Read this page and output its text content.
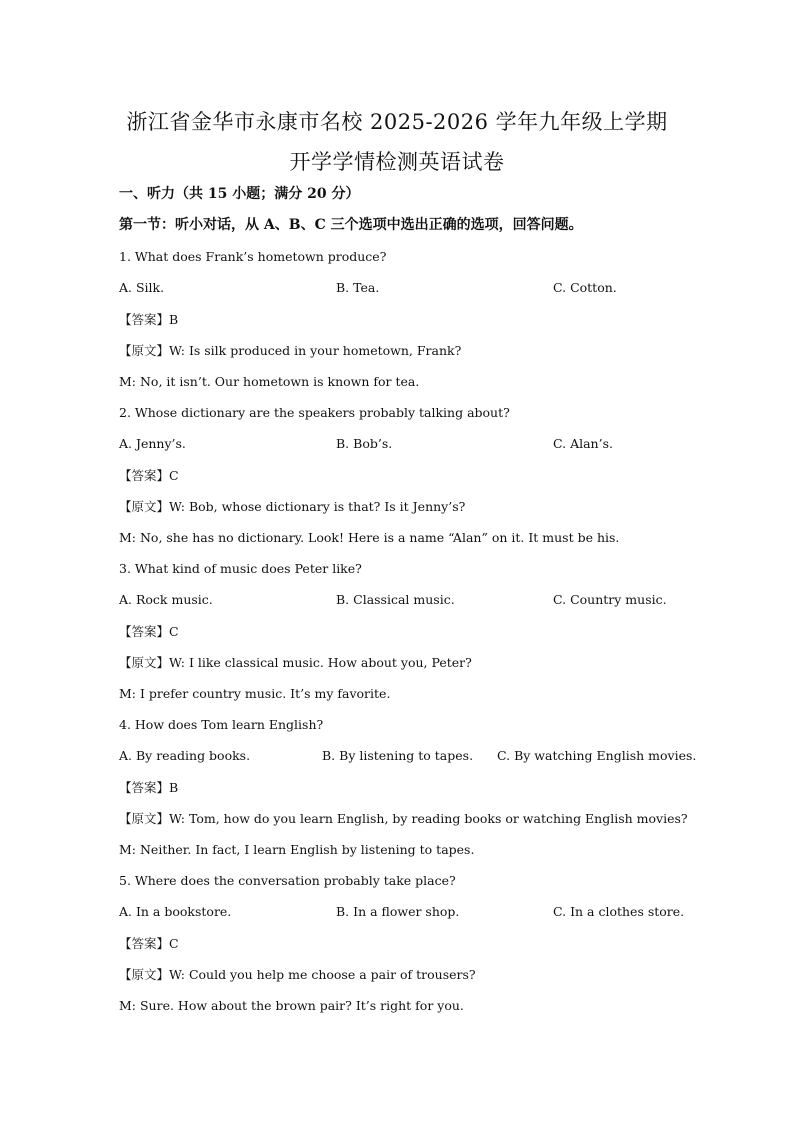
浙江省金华市永康市名校 2025-2026 学年九年级上学期
开学学情检测英语试卷
一、听力（共 15 小题；满分 20 分）
第一节：听小对话，从 A、B、C 三个选项中选出正确的选项，回答问题。
1. What does Frank’s hometown produce?
A. Silk.	B. Tea.	C. Cotton.
【答案】B
【原文】W: Is silk produced in your hometown, Frank?
M: No, it isn’t. Our hometown is known for tea.
2. Whose dictionary are the speakers probably talking about?
A. Jenny’s.	B. Bob’s.	C. Alan’s.
【答案】C
【原文】W: Bob, whose dictionary is that? Is it Jenny’s?
M: No, she has no dictionary. Look! Here is a name “Alan” on it. It must be his.
3. What kind of music does Peter like?
A. Rock music.	B. Classical music.	C. Country music.
【答案】C
【原文】W: I like classical music. How about you, Peter?
M: I prefer country music. It’s my favorite.
4. How does Tom learn English?
A. By reading books.	B. By listening to tapes. C. By watching English movies.
【答案】B
【原文】W: Tom, how do you learn English, by reading books or watching English movies?
M: Neither. In fact, I learn English by listening to tapes.
5. Where does the conversation probably take place?
A. In a bookstore.	B. In a flower shop.	C. In a clothes store.
【答案】C
【原文】W: Could you help me choose a pair of trousers?
M: Sure. How about the brown pair? It’s right for you.
